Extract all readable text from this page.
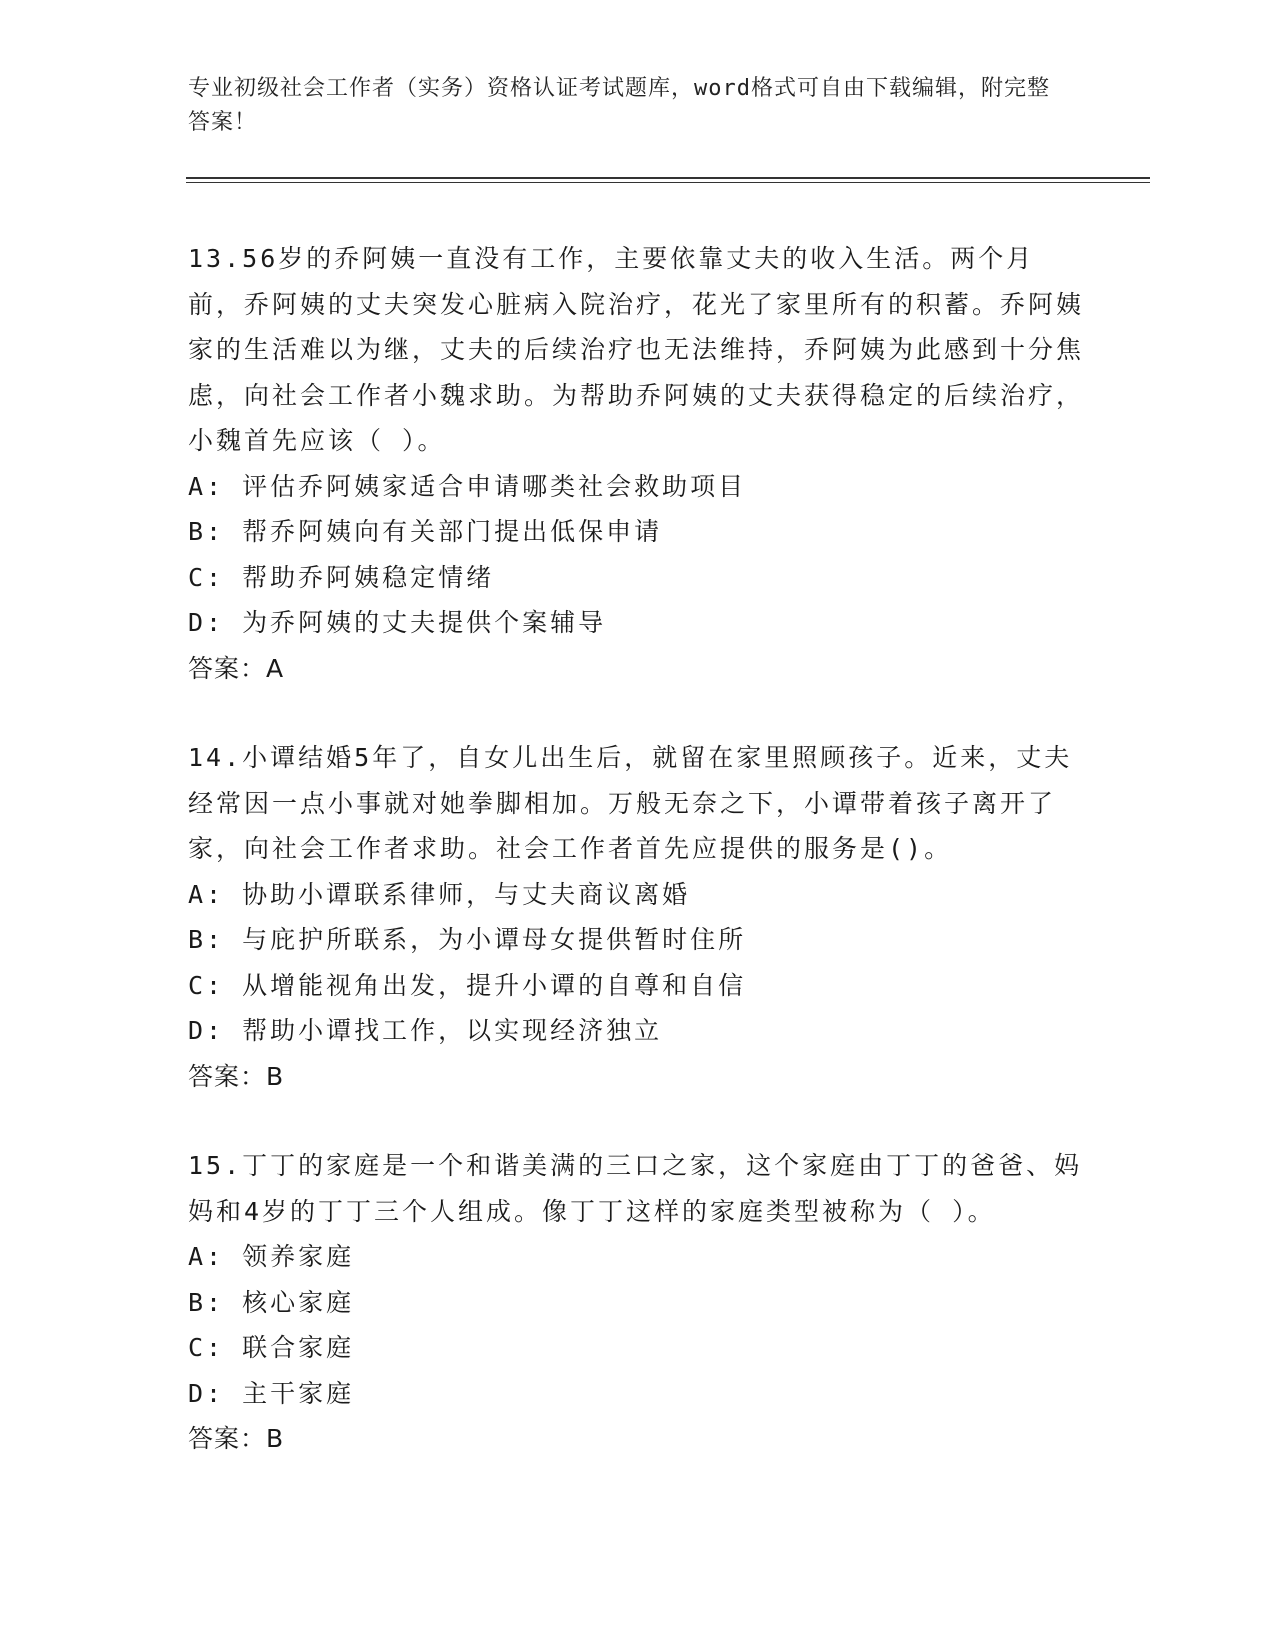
专业初级社会工作者（实务）资格认证考试题库，word格式可自由下载编辑，附完整答案！

13.56岁的乔阿姨一直没有工作，主要依靠丈夫的收入生活。两个月前，乔阿姨的丈夫突发心脏病入院治疗，花光了家里所有的积蓄。乔阿姨家的生活难以为继，丈夫的后续治疗也无法维持，乔阿姨为此感到十分焦虑，向社会工作者小魏求助。为帮助乔阿姨的丈夫获得稳定的后续治疗，小魏首先应该（ ）。

A: 评估乔阿姨家适合申请哪类社会救助项目

B: 帮乔阿姨向有关部门提出低保申请

C: 帮助乔阿姨稳定情绪

D: 为乔阿姨的丈夫提供个案辅导

答案：A

14.小谭结婚5年了，自女儿出生后，就留在家里照顾孩子。近来，丈夫经常因一点小事就对她拳脚相加。万般无奈之下，小谭带着孩子离开了家，向社会工作者求助。社会工作者首先应提供的服务是()。

A: 协助小谭联系律师，与丈夫商议离婚

B: 与庇护所联系，为小谭母女提供暂时住所

C: 从增能视角出发，提升小谭的自尊和自信

D: 帮助小谭找工作，以实现经济独立

答案：B

15.丁丁的家庭是一个和谐美满的三口之家，这个家庭由丁丁的爸爸、妈妈和4岁的丁丁三个人组成。像丁丁这样的家庭类型被称为（ ）。

A: 领养家庭

B: 核心家庭

C: 联合家庭

D: 主干家庭

答案：B
